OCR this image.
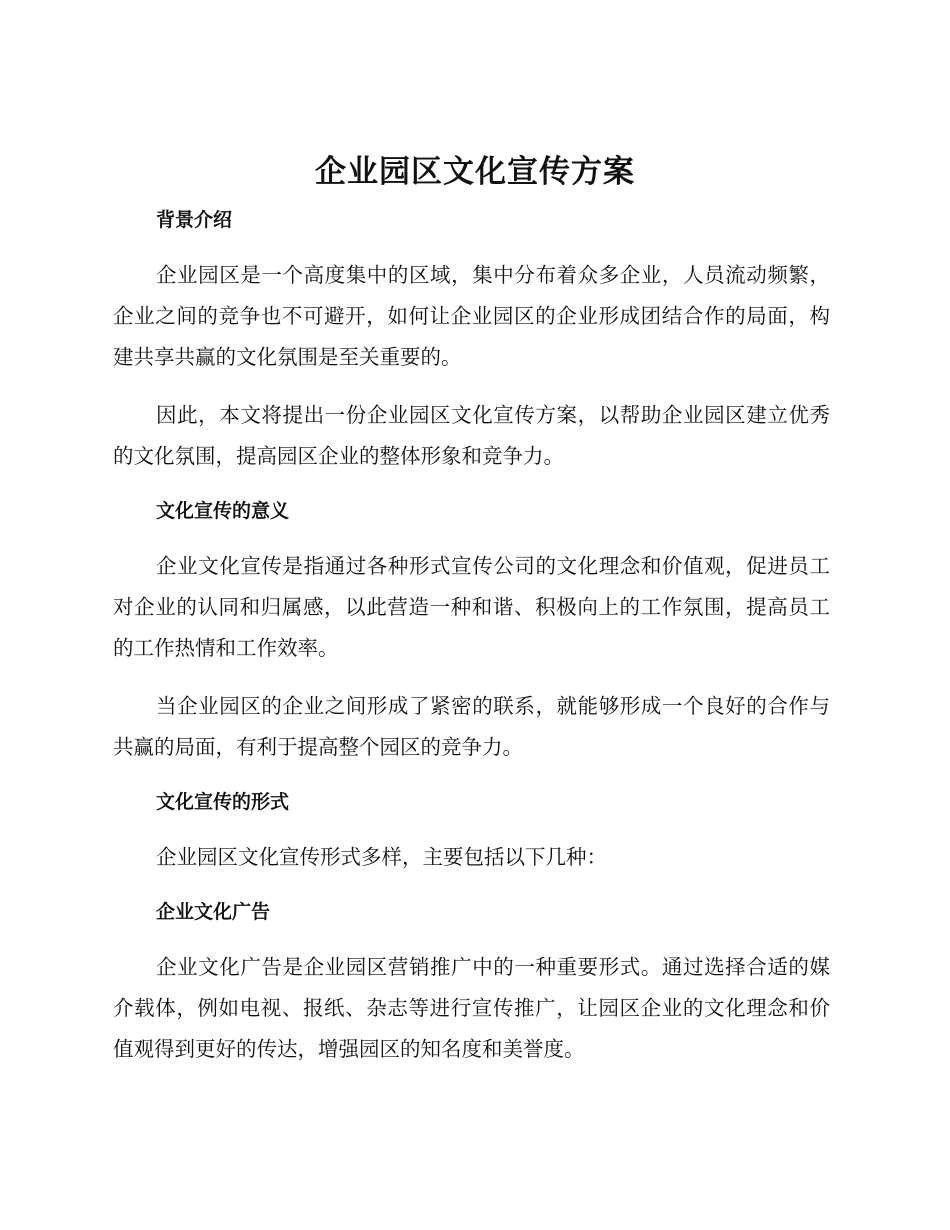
企业园区文化宣传方案
背景介绍

企业园区是一个高度集中的区域，集中分布着众多企业，人员流动频繁，企业之间的竞争也不可避开，如何让企业园区的企业形成团结合作的局面，构建共享共赢的文化氛围是至关重要的。

因此，本文将提出一份企业园区文化宣传方案，以帮助企业园区建立优秀的文化氛围，提高园区企业的整体形象和竞争力。

文化宣传的意义

企业文化宣传是指通过各种形式宣传公司的文化理念和价值观，促进员工对企业的认同和归属感，以此营造一种和谐、积极向上的工作氛围，提高员工的工作热情和工作效率。

当企业园区的企业之间形成了紧密的联系，就能够形成一个良好的合作与共赢的局面，有利于提高整个园区的竞争力。

文化宣传的形式

企业园区文化宣传形式多样，主要包括以下几种：

企业文化广告

企业文化广告是企业园区营销推广中的一种重要形式。通过选择合适的媒介载体，例如电视、报纸、杂志等进行宣传推广，让园区企业的文化理念和价值观得到更好的传达，增强园区的知名度和美誉度。
